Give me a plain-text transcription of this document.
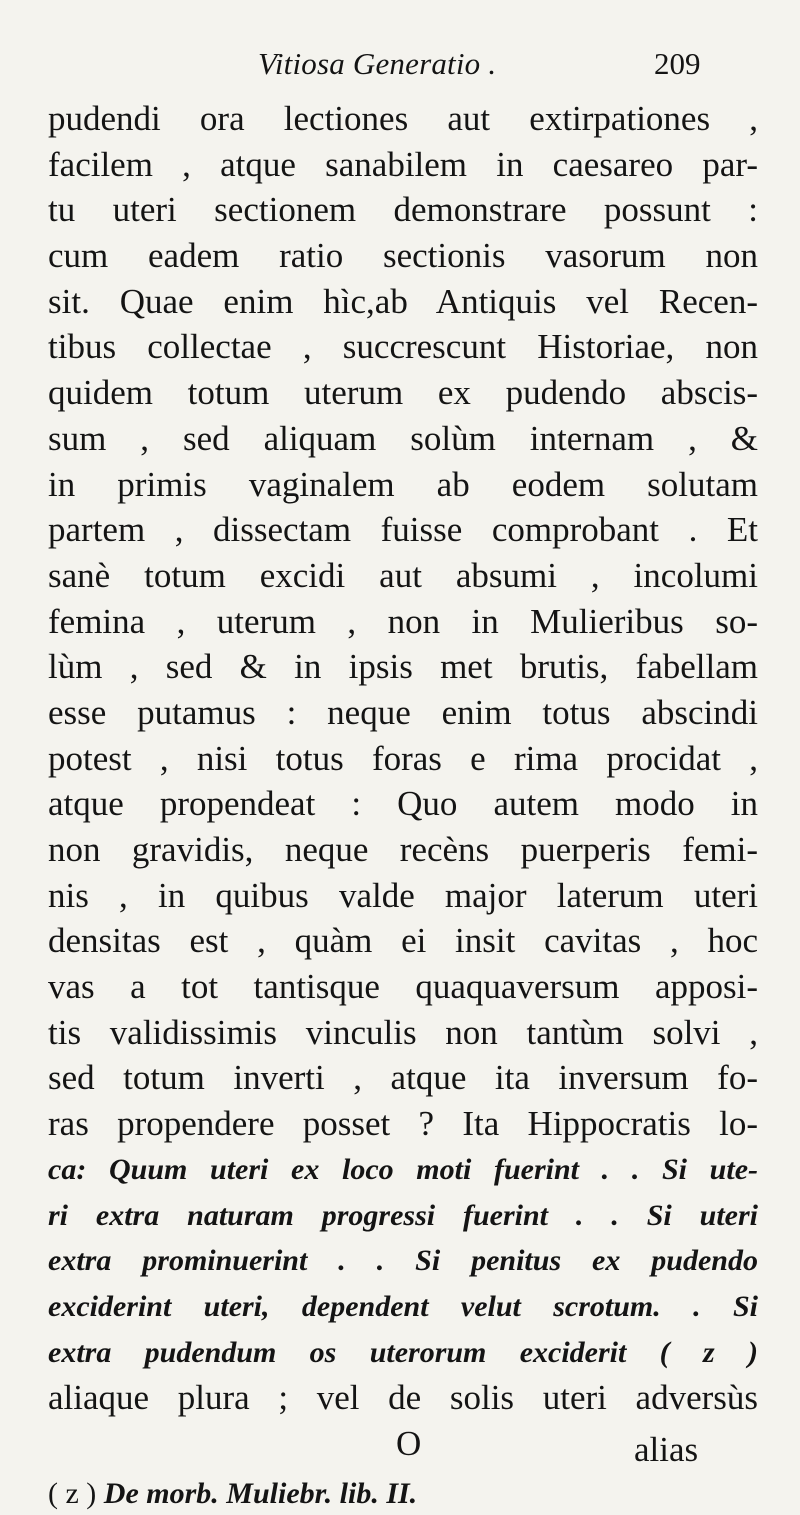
Vitiosa Generatio .	209
pudendi ora lectiones aut extirpationes ,
facilem , atque sanabilem in caesareo par-
tu uteri sectionem demonstrare possunt :
cum eadem ratio sectionis vasorum non
sit. Quae enim hìc,ab Antiquis vel Recen-
tibus collectae , succrescunt Historiae, non
quidem totum uterum ex pudendo abscis-
sum , sed aliquam solùm internam , &
in primis vaginalem ab eodem solutam
partem , dissectam fuisse comprobant . Et
sanè totum excidi aut absumi , incolumi
femina , uterum , non in Mulieribus so-
lùm , sed & in ipsis met brutis, fabellam
esse putamus : neque enim totus abscindi
potest , nisi totus foras e rima procidat ,
atque propendeat : Quo autem modo in
non gravidis, neque recèns puerperis femi-
nis , in quibus valde major laterum uteri
densitas est , quàm ei insit cavitas , hoc
vas a tot tantisque quaquaversum apposi-
tis validissimis vinculis non tantùm solvi ,
sed totum inverti , atque ita inversum fo-
ras propendere posset ? Ita Hippocratis lo-
ca: Quum uteri ex loco moti fuerint . . Si ute-
ri extra naturam progressi fuerint . . Si uteri
extra prominuerint . . Si penitus ex pudendo
exciderint uteri, dependent velut scrotum. . Si
extra pudendum os uterorum exciderit ( z )
aliaque plura ; vel de solis uteri adversùs
O	alias
( z ) De morb. Muliebr. lib. II.
